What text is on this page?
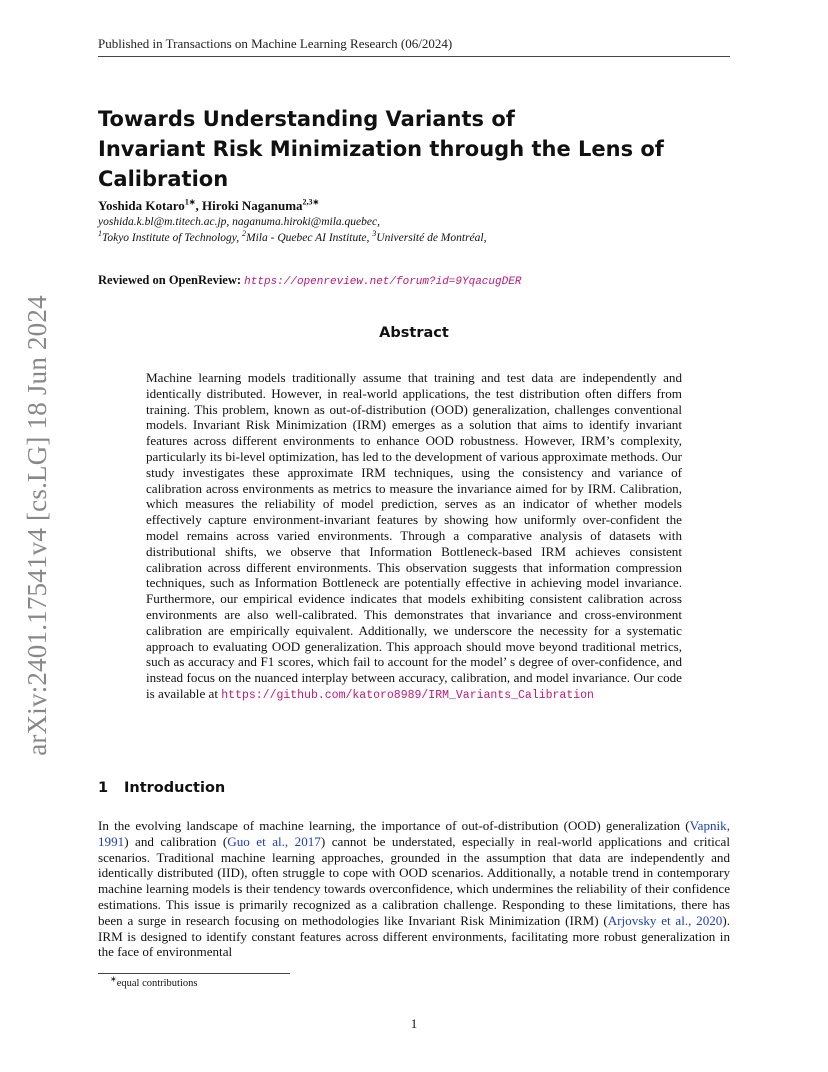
arXiv:2401.17541v4 [cs.LG] 18 Jun 2024
Published in Transactions on Machine Learning Research (06/2024)
Towards Understanding Variants of
Invariant Risk Minimization through the Lens of Calibration
Yoshida Kotaro$^{1∗}$, Hiroki Naganuma$^{2,3∗}$
yoshida.k.bl@m.titech.ac.jp, naganuma.hiroki@mila.quebec,
$^1$Tokyo Institute of Technology, $^2$Mila - Quebec AI Institute, $^3$Université de Montréal,
Reviewed on OpenReview: https://openreview.net/forum?id=9YqacugDER
Abstract

Machine learning models traditionally assume that training and test data are independently and identically distributed. However, in real-world applications, the test distribution often differs from training. This problem, known as out-of-distribution (OOD) generalization, challenges conventional models. Invariant Risk Minimization (IRM) emerges as a solution that aims to identify invariant features across different environments to enhance OOD robustness. However, IRM’s complexity, particularly its bi-level optimization, has led to the development of various approximate methods. Our study investigates these approximate IRM techniques, using the consistency and variance of calibration across environments as metrics to measure the invariance aimed for by IRM. Calibration, which measures the reliability of model prediction, serves as an indicator of whether models effectively capture environment-invariant features by showing how uniformly over-confident the model remains across varied environments. Through a comparative analysis of datasets with distributional shifts, we observe that Information Bottleneck-based IRM achieves consistent calibration across different environments. This observation suggests that information compression techniques, such as Information Bottleneck are potentially effective in achieving model invariance. Furthermore, our empirical evidence indicates that models exhibiting consistent calibration across environments are also well-calibrated. This demonstrates that invariance and cross-environment calibration are empirically equivalent. Additionally, we underscore the necessity for a systematic approach to evaluating OOD generalization. This approach should move beyond traditional metrics, such as accuracy and F1 scores, which fail to account for the model’ s degree of over-confidence, and instead focus on the nuanced interplay between accuracy, calibration, and model invariance. Our code is available at https://github.com/katoro8989/IRM_Variants_Calibration

1 Introduction

In the evolving landscape of machine learning, the importance of out-of-distribution (OOD) generalization (Vapnik, 1991) and calibration (Guo et al., 2017) cannot be understated, especially in real-world applications and critical scenarios. Traditional machine learning approaches, grounded in the assumption that data are independently and identically distributed (IID), often struggle to cope with OOD scenarios. Additionally, a notable trend in contemporary machine learning models is their tendency towards overconfidence, which undermines the reliability of their confidence estimations. This issue is primarily recognized as a calibration challenge. Responding to these limitations, there has been a surge in research focusing on methodologies like Invariant Risk Minimization (IRM) (Arjovsky et al., 2020). IRM is designed to identify constant features across different environments, facilitating more robust generalization in the face of environmental

∗equal contributions
1
